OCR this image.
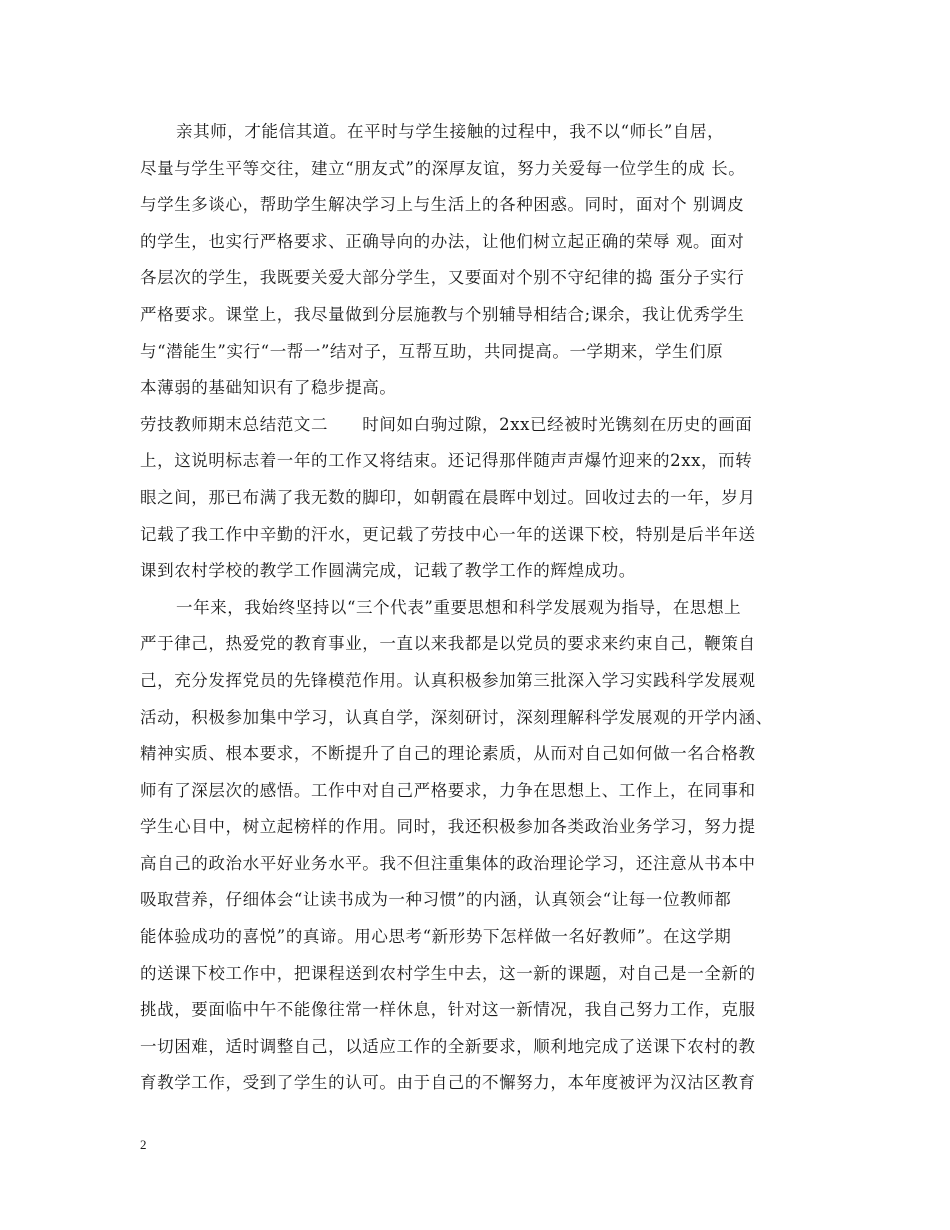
亲其师，才能信其道。在平时与学生接触的过程中，我不以“师长”自居，
尽量与学生平等交往，建立“朋友式”的深厚友谊，努力关爱每一位学生的成 长。
与学生多谈心，帮助学生解决学习上与生活上的各种困惑。同时，面对个 别调皮
的学生，也实行严格要求、正确导向的办法，让他们树立起正确的荣辱 观。面对
各层次的学生，我既要关爱大部分学生，又要面对个别不守纪律的捣 蛋分子实行
严格要求。课堂上，我尽量做到分层施教与个别辅导相结合;课余，我让优秀学生
与“潜能生”实行“一帮一”结对子，互帮互助，共同提高。一学期来，学生们原
本薄弱的基础知识有了稳步提高。
劳技教师期末总结范文二　　时间如白驹过隙，2xx已经被时光镌刻在历史的画面
上，这说明标志着一年的工作又将结束。还记得那伴随声声爆竹迎来的2xx，而转
眼之间，那已布满了我无数的脚印，如朝霞在晨晖中划过。回收过去的一年，岁月
记载了我工作中辛勤的汗水，更记载了劳技中心一年的送课下校，特别是后半年送
课到农村学校的教学工作圆满完成，记载了教学工作的辉煌成功。
一年来，我始终坚持以“三个代表”重要思想和科学发展观为指导，在思想上
严于律己，热爱党的教育事业，一直以来我都是以党员的要求来约束自己，鞭策自
己，充分发挥党员的先锋模范作用。认真积极参加第三批深入学习实践科学发展观
活动，积极参加集中学习，认真自学，深刻研讨，深刻理解科学发展观的开学内涵、
精神实质、根本要求，不断提升了自己的理论素质，从而对自己如何做一名合格教
师有了深层次的感悟。工作中对自己严格要求，力争在思想上、工作上，在同事和
学生心目中，树立起榜样的作用。同时，我还积极参加各类政治业务学习，努力提
高自己的政治水平好业务水平。我不但注重集体的政治理论学习，还注意从书本中
吸取营养，仔细体会“让读书成为一种习惯”的内涵，认真领会“让每一位教师都
能体验成功的喜悦”的真谛。用心思考“新形势下怎样做一名好教师”。在这学期
的送课下校工作中，把课程送到农村学生中去，这一新的课题，对自己是一全新的
挑战，要面临中午不能像往常一样休息，针对这一新情况，我自己努力工作，克服
一切困难，适时调整自己，以适应工作的全新要求，顺利地完成了送课下农村的教
育教学工作，受到了学生的认可。由于自己的不懈努力，本年度被评为汉沽区教育
2
